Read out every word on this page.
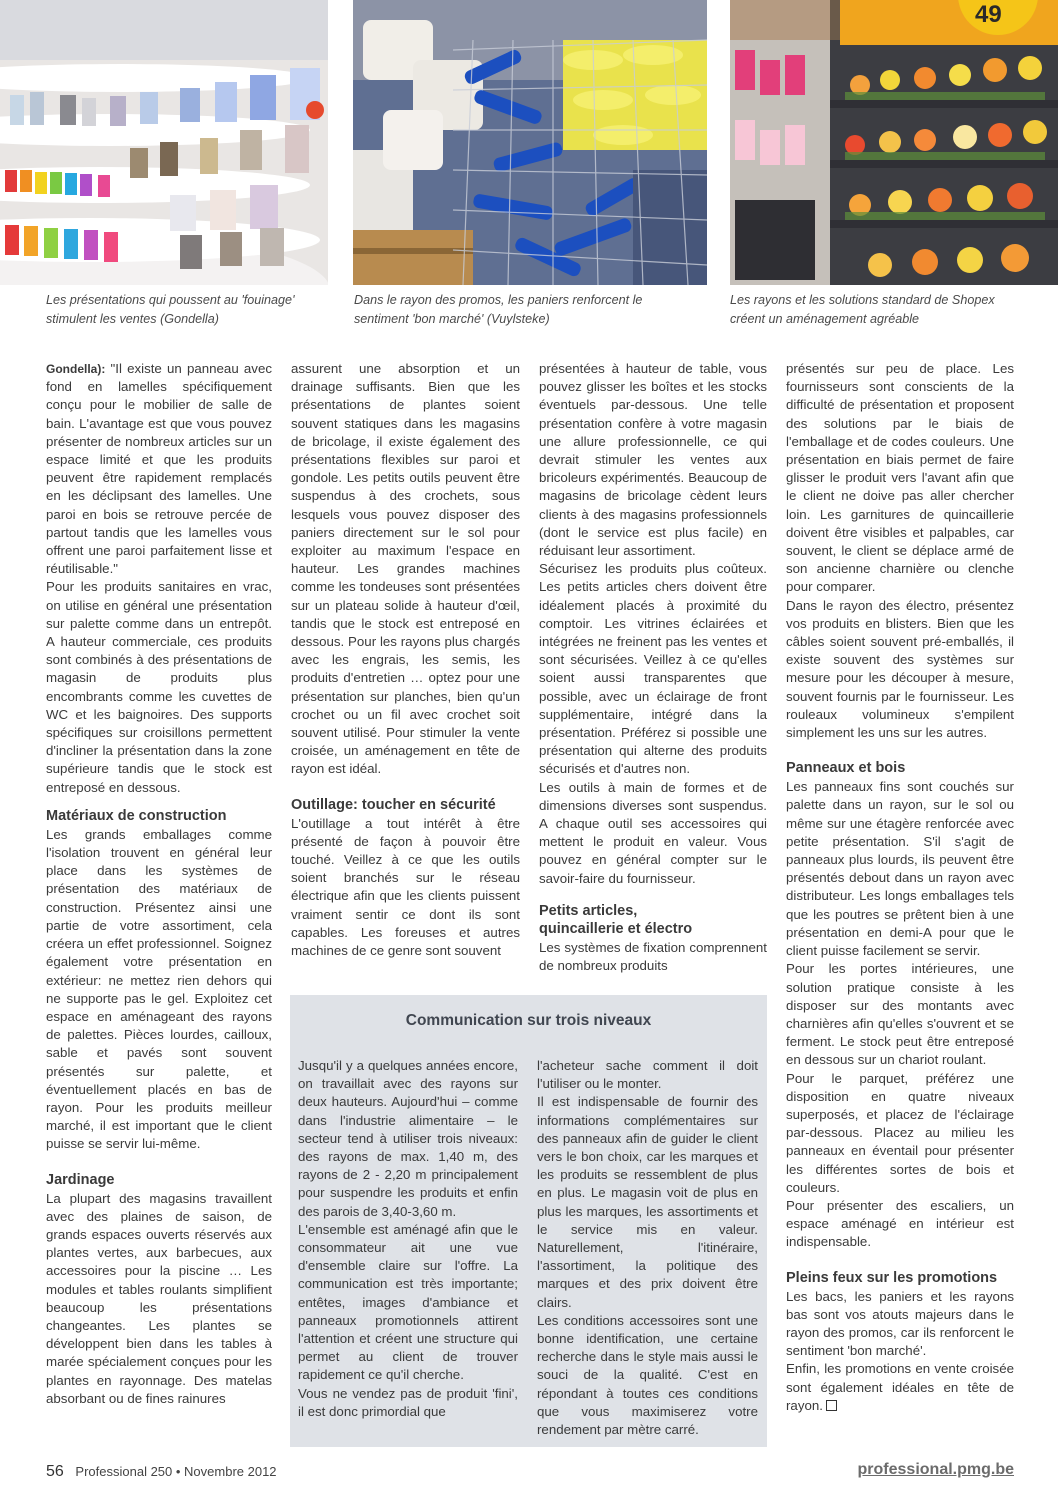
49
Les présentations qui poussent au 'fouinage' stimulent les ventes (Gondella)
Dans le rayon des promos, les paniers renforcent le sentiment 'bon marché' (Vuylsteke)
Les rayons et les solutions standard de Shopex créent un aménagement agréable

Gondella): "Il existe un panneau avec fond en lamelles spécifiquement conçu pour le mobilier de salle de bain. L'avantage est que vous pouvez présenter de nombreux articles sur un espace limité et que les produits peuvent être rapidement remplacés en les déclipsant des lamelles. Une paroi en bois se retrouve percée de partout tandis que les lamelles vous offrent une paroi parfaitement lisse et réutilisable."

Pour les produits sanitaires en vrac, on utilise en général une présentation sur palette comme dans un entrepôt. A hauteur commerciale, ces produits sont combinés à des présentations de magasin de produits plus encombrants comme les cuvettes de WC et les baignoires. Des supports spécifiques sur croisillons permettent d'incliner la présentation dans la zone supérieure tandis que le stock est entreposé en dessous.

Matériaux de construction

Les grands emballages comme l'isolation trouvent en général leur place dans les systèmes de présentation des matériaux de construction. Présentez ainsi une partie de votre assortiment, cela créera un effet professionnel. Soignez également votre présentation en extérieur: ne mettez rien dehors qui ne supporte pas le gel. Exploitez cet espace en aménageant des rayons de palettes. Pièces lourdes, cailloux, sable et pavés sont souvent présentés sur palette, et éventuellement placés en bas de rayon. Pour les produits meilleur marché, il est important que le client puisse se servir lui-même.

Jardinage

La plupart des magasins travaillent avec des plaines de saison, de grands espaces ouverts réservés aux plantes vertes, aux barbecues, aux accessoires pour la piscine … Les modules et tables roulants simplifient beaucoup les présentations changeantes. Les plantes se développent bien dans les tables à marée spécialement conçues pour les plantes en rayonnage. Des matelas absorbant ou de fines rainures

assurent une absorption et un drainage suffisants. Bien que les présentations de plantes soient souvent statiques dans les magasins de bricolage, il existe également des présentations flexibles sur paroi et gondole. Les petits outils peuvent être suspendus à des crochets, sous lesquels vous pouvez disposer des paniers directement sur le sol pour exploiter au maximum l'espace en hauteur. Les grandes machines comme les tondeuses sont présentées sur un plateau solide à hauteur d'œil, tandis que le stock est entreposé en dessous. Pour les rayons plus chargés avec les engrais, les semis, les produits d'entretien … optez pour une présentation sur planches, bien qu'un crochet ou un fil avec crochet soit souvent utilisé. Pour stimuler la vente croisée, un aménagement en tête de rayon est idéal.

Outillage: toucher en sécurité

L'outillage a tout intérêt à être présenté de façon à pouvoir être touché. Veillez à ce que les outils soient branchés sur le réseau électrique afin que les clients puissent vraiment sentir ce dont ils sont capables. Les foreuses et autres machines de ce genre sont souvent

présentées à hauteur de table, vous pouvez glisser les boîtes et les stocks éventuels par-dessous. Une telle présentation confère à votre magasin une allure professionnelle, ce qui devrait stimuler les ventes aux bricoleurs expérimentés. Beaucoup de magasins de bricolage cèdent leurs clients à des magasins professionnels (dont le service est plus facile) en réduisant leur assortiment.

Sécurisez les produits plus coûteux. Les petits articles chers doivent être idéalement placés à proximité du comptoir. Les vitrines éclairées et intégrées ne freinent pas les ventes et sont sécurisées. Veillez à ce qu'elles soient aussi transparentes que possible, avec un éclairage de front supplémentaire, intégré dans la présentation. Préférez si possible une présentation qui alterne des produits sécurisés et d'autres non.

Les outils à main de formes et de dimensions diverses sont suspendus. A chaque outil ses accessoires qui mettent le produit en valeur. Vous pouvez en général compter sur le savoir-faire du fournisseur.

Petits articles,
quincaillerie et électro

Les systèmes de fixation comprennent de nombreux produits

présentés sur peu de place. Les fournisseurs sont conscients de la difficulté de présentation et proposent des solutions par le biais de l'emballage et de codes couleurs. Une présentation en biais permet de faire glisser le produit vers l'avant afin que le client ne doive pas aller chercher loin. Les garnitures de quincaillerie doivent être visibles et palpables, car souvent, le client se déplace armé de son ancienne charnière ou clenche pour comparer.

Dans le rayon des électro, présentez vos produits en blisters. Bien que les câbles soient souvent pré-emballés, il existe souvent des systèmes sur mesure pour les découper à mesure, souvent fournis par le fournisseur. Les rouleaux volumineux s'empilent simplement les uns sur les autres.

Panneaux et bois

Les panneaux fins sont couchés sur palette dans un rayon, sur le sol ou même sur une étagère renforcée avec petite présentation. S'il s'agit de panneaux plus lourds, ils peuvent être présentés debout dans un rayon avec distributeur. Les longs emballages tels que les poutres se prêtent bien à une présentation en demi-A pour que le client puisse facilement se servir.

Pour les portes intérieures, une solution pratique consiste à les disposer sur des montants avec charnières afin qu'elles s'ouvrent et se ferment. Le stock peut être entreposé en dessous sur un chariot roulant.

Pour le parquet, préférez une disposition en quatre niveaux superposés, et placez de l'éclairage par-dessous. Placez au milieu les panneaux en éventail pour présenter les différentes sortes de bois et couleurs.

Pour présenter des escaliers, un espace aménagé en intérieur est indispensable.

Pleins feux sur les promotions

Les bacs, les paniers et les rayons bas sont vos atouts majeurs dans le rayon des promos, car ils renforcent le sentiment 'bon marché'.

Enfin, les promotions en vente croisée sont également idéales en tête de rayon.

Communication sur trois niveaux

Jusqu'il y a quelques années encore, on travaillait avec des rayons sur deux hauteurs. Aujourd'hui – comme dans l'industrie alimentaire – le secteur tend à utiliser trois niveaux: des rayons de max. 1,40 m, des rayons de 2 - 2,20 m principalement pour suspendre les produits et enfin des parois de 3,40-3,60 m.

L'ensemble est aménagé afin que le consommateur ait une vue d'ensemble claire sur l'offre. La communication est très importante; entêtes, images d'ambiance et panneaux promotionnels attirent l'attention et créent une structure qui permet au client de trouver rapidement ce qu'il cherche.

Vous ne vendez pas de produit 'fini', il est donc primordial que

l'acheteur sache comment il doit l'utiliser ou le monter.

Il est indispensable de fournir des informations complémentaires sur des panneaux afin de guider le client vers le bon choix, car les marques et les produits se ressemblent de plus en plus. Le magasin voit de plus en plus les marques, les assortiments et le service mis en valeur. Naturellement, l'itinéraire, l'assortiment, la politique des marques et des prix doivent être clairs.

Les conditions accessoires sont une bonne identification, une certaine recherche dans le style mais aussi le souci de la qualité. C'est en répondant à toutes ces conditions que vous maximiserez votre rendement par mètre carré.

56 Professional 250 • Novembre 2012	professional.pmg.be
